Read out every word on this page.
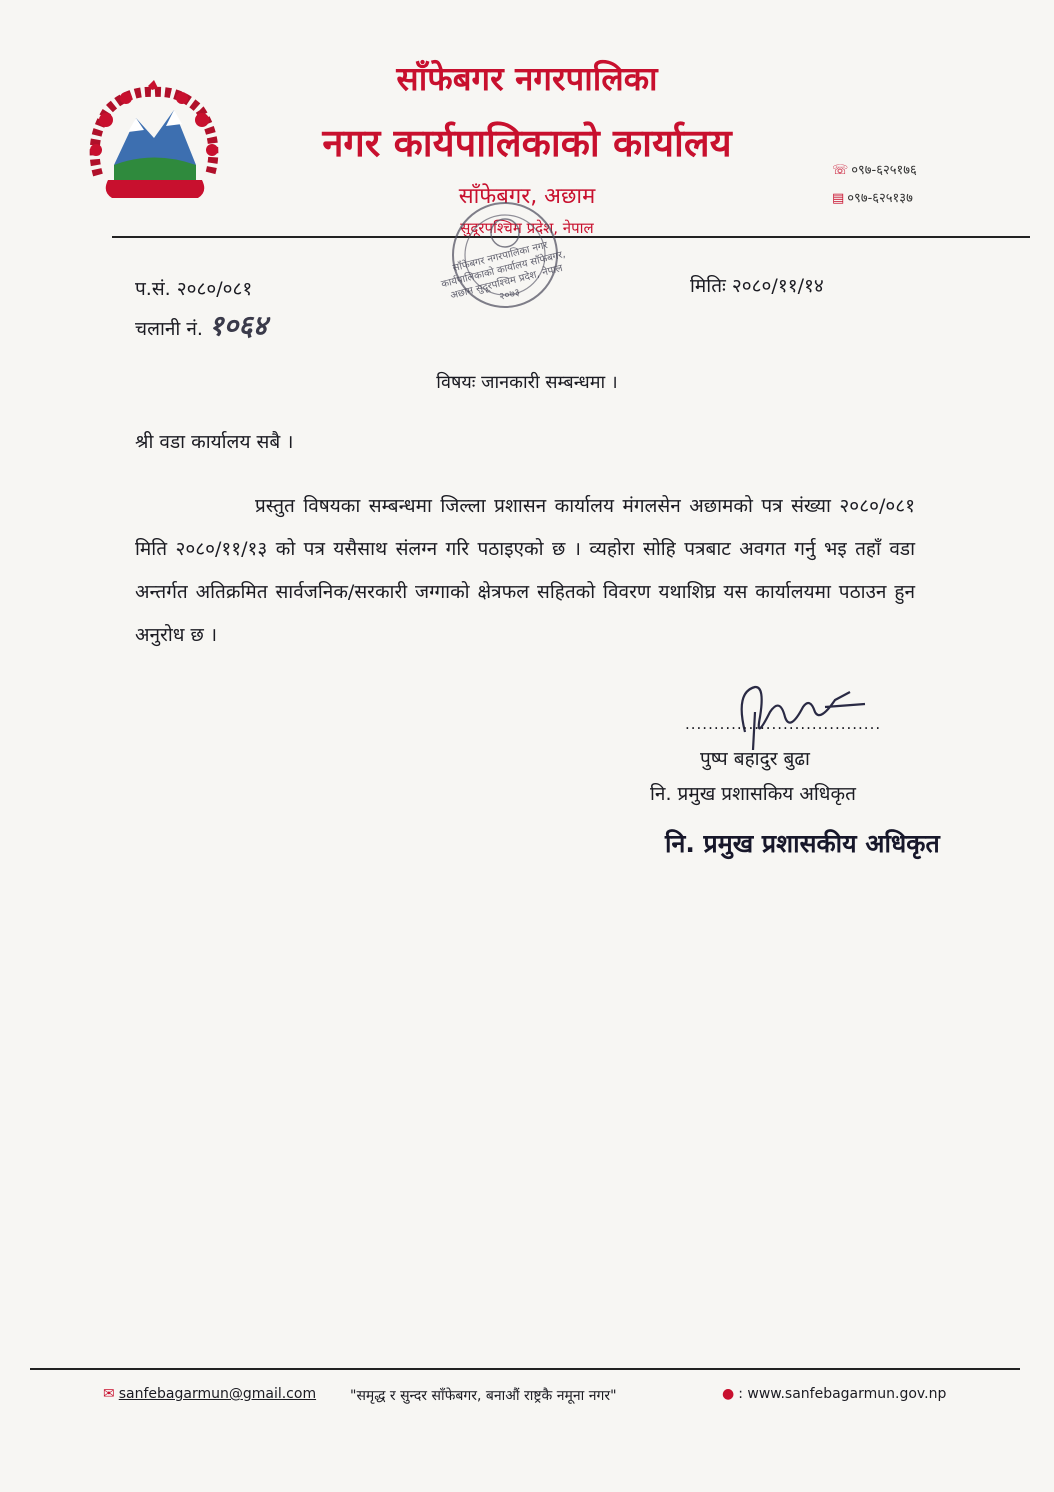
साँफेबगर नगरपालिका
नगर कार्यपालिकाको कार्यालय
साँफेबगर, अछाम
सुदूरपश्चिम प्रदेश, नेपाल
☏ ०९७-६२५१७६
▤ ०९७-६२५१३७
साँफेबगर नगरपालिका नगर कार्यपालिकाको कार्यालय साँफेबगर, अछाम सुदूरपश्चिम प्रदेश, नेपाल २०७३
प.सं. २०८०/०८१
चलानी नं. १०६४
मितिः २०८०/११/१४
विषयः जानकारी सम्बन्धमा ।
श्री वडा कार्यालय सबै ।
प्रस्तुत विषयका सम्बन्धमा जिल्ला प्रशासन कार्यालय मंगलसेन अछामको पत्र संख्या २०८०/०८१ मिति २०८०/११/१३ को पत्र यसैसाथ संलग्न गरि पठाइएको छ । व्यहोरा सोहि पत्रबाट अवगत गर्नु भइ तहाँ वडा अन्तर्गत अतिक्रमित सार्वजनिक/सरकारी जग्गाको क्षेत्रफल सहितको विवरण यथाशिघ्र यस कार्यालयमा पठाउन हुन अनुरोध छ ।
..................................
पुष्प बहादुर बुढा
नि. प्रमुख प्रशासकिय अधिकृत
नि. प्रमुख प्रशासकीय अधिकृत
✉ sanfebagarmun@gmail.com "समृद्ध र सुन्दर साँफेबगर, बनाऔं राष्ट्रकै नमूना नगर"	● : www.sanfebagarmun.gov.np
